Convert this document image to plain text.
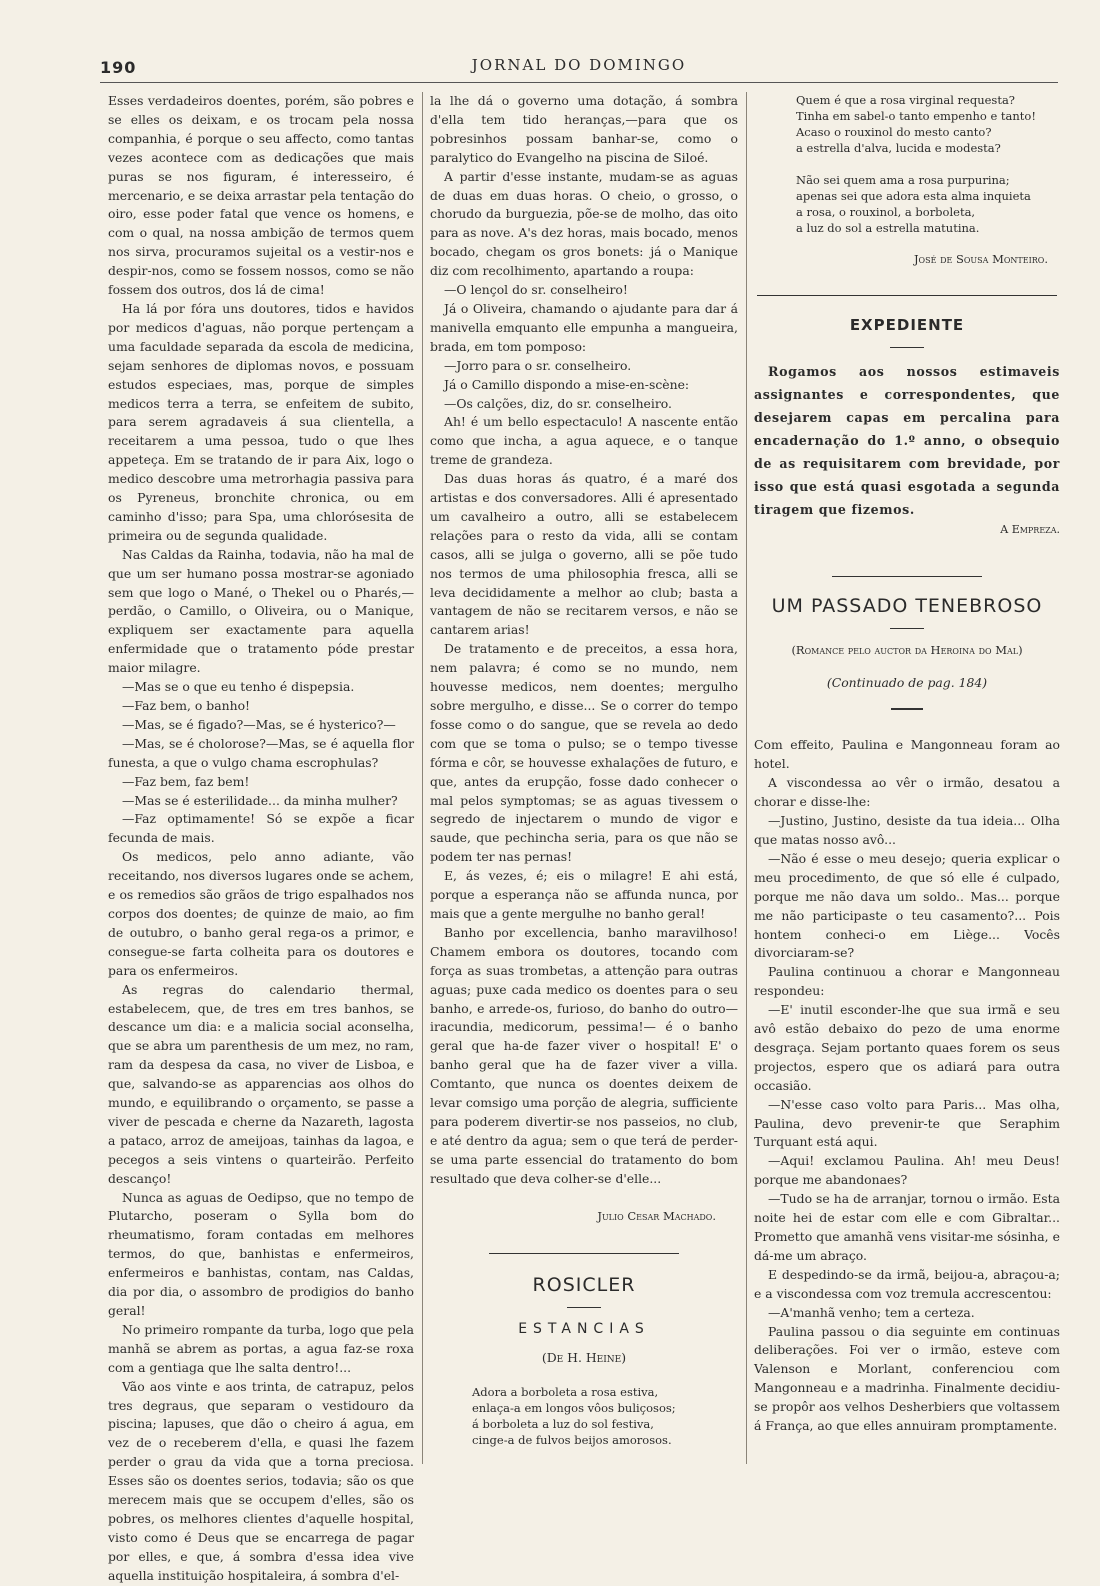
190	JORNAL DO DOMINGO

Esses verdadeiros doentes, porém, são pobres e se elles os deixam, e os trocam pela nossa companhia, é porque o seu affecto, como tantas vezes acontece com as dedicações que mais puras se nos figuram, é interesseiro, é mercenario, e se deixa arrastar pela tentação do oiro, esse poder fatal que vence os homens, e com o qual, na nossa ambição de termos quem nos sirva, procuramos sujeital os a vestir-nos e despir-nos, como se fossem nossos, como se não fossem dos outros, dos lá de cima!

Ha lá por fóra uns doutores, tidos e havidos por medicos d'aguas, não porque pertençam a uma faculdade separada da escola de medicina, sejam senhores de diplomas novos, e possuam estudos especiaes, mas, porque de simples medicos terra a terra, se enfeitem de subito, para serem agradaveis á sua clientella, a receitarem a uma pessoa, tudo o que lhes appeteça. Em se tratando de ir para Aix, logo o medico descobre uma metrorhagia passiva para os Pyreneus, bronchite chronica, ou em caminho d'isso; para Spa, uma chlorósesita de primeira ou de segunda qualidade.

Nas Caldas da Rainha, todavia, não ha mal de que um ser humano possa mostrar-se agoniado sem que logo o Mané, o Thekel ou o Pharés,— perdão, o Camillo, o Oliveira, ou o Manique, expliquem ser exactamente para aquella enfermidade que o tratamento póde prestar maior milagre.

—Mas se o que eu tenho é dispepsia.

—Faz bem, o banho!

—Mas, se é figado?—Mas, se é hysterico?—

—Mas, se é cholorose?—Mas, se é aquella flor funesta, a que o vulgo chama escrophulas?

—Faz bem, faz bem!

—Mas se é esterilidade... da minha mulher?

—Faz optimamente! Só se expõe a ficar fecunda de mais.

Os medicos, pelo anno adiante, vão receitando, nos diversos lugares onde se achem, e os remedios são grãos de trigo espalhados nos corpos dos doentes; de quinze de maio, ao fim de outubro, o banho geral rega-os a primor, e consegue-se farta colheita para os doutores e para os enfermeiros.

As regras do calendario thermal, estabelecem, que, de tres em tres banhos, se descance um dia: e a malicia social aconselha, que se abra um parenthesis de um mez, no ram, ram da despesa da casa, no viver de Lisboa, e que, salvando-se as apparencias aos olhos do mundo, e equilibrando o orçamento, se passe a viver de pescada e cherne da Nazareth, lagosta a pataco, arroz de ameijoas, tainhas da lagoa, e pecegos a seis vintens o quarteirão. Perfeito descanço!

Nunca as aguas de Oedipso, que no tempo de Plutarcho, poseram o Sylla bom do rheumatismo, foram contadas em melhores termos, do que, banhistas e enfermeiros, enfermeiros e banhistas, contam, nas Caldas, dia por dia, o assombro de prodigios do banho geral!

No primeiro rompante da turba, logo que pela manhã se abrem as portas, a agua faz-se roxa com a gentiaga que lhe salta dentro!...

Vão aos vinte e aos trinta, de catrapuz, pelos tres degraus, que separam o vestidouro da piscina; lapuses, que dão o cheiro á agua, em vez de o receberem d'ella, e quasi lhe fazem perder o grau da vida que a torna preciosa. Esses são os doentes serios, todavia; são os que merecem mais que se occupem d'elles, são os pobres, os melhores clientes d'aquelle hospital, visto como é Deus que se encarrega de pagar por elles, e que, á sombra d'essa idea vive aquella instituição hospitaleira, á sombra d'el-

la lhe dá o governo uma dotação, á sombra d'ella tem tido heranças,—para que os pobresinhos possam banhar-se, como o paralytico do Evangelho na piscina de Siloé.

A partir d'esse instante, mudam-se as aguas de duas em duas horas. O cheio, o grosso, o chorudo da burguezia, põe-se de molho, das oito para as nove. A's dez horas, mais bocado, menos bocado, chegam os gros bonets: já o Manique diz com recolhimento, apartando a roupa:

—O lençol do sr. conselheiro!

Já o Oliveira, chamando o ajudante para dar á manivella emquanto elle empunha a mangueira, brada, em tom pomposo:

—Jorro para o sr. conselheiro.

Já o Camillo dispondo a mise-en-scène:

—Os calções, diz, do sr. conselheiro.

Ah! é um bello espectaculo! A nascente então como que incha, a agua aquece, e o tanque treme de grandeza.

Das duas horas ás quatro, é a maré dos artistas e dos conversadores. Alli é apresentado um cavalheiro a outro, alli se estabelecem relações para o resto da vida, alli se contam casos, alli se julga o governo, alli se põe tudo nos termos de uma philosophia fresca, alli se leva decididamente a melhor ao club; basta a vantagem de não se recitarem versos, e não se cantarem arias!

De tratamento e de preceitos, a essa hora, nem palavra; é como se no mundo, nem houvesse medicos, nem doentes; mergulho sobre mergulho, e disse... Se o correr do tempo fosse como o do sangue, que se revela ao dedo com que se toma o pulso; se o tempo tivesse fórma e côr, se houvesse exhalações de futuro, e que, antes da erupção, fosse dado conhecer o mal pelos symptomas; se as aguas tivessem o segredo de injectarem o mundo de vigor e saude, que pechincha seria, para os que não se podem ter nas pernas!

E, ás vezes, é; eis o milagre! E ahi está, porque a esperança não se affunda nunca, por mais que a gente mergulhe no banho geral!

Banho por excellencia, banho maravilhoso! Chamem embora os doutores, tocando com força as suas trombetas, a attenção para outras aguas; puxe cada medico os doentes para o seu banho, e arrede-os, furioso, do banho do outro—iracundia, medicorum, pessima!— é o banho geral que ha-de fazer viver o hospital! E' o banho geral que ha de fazer viver a villa. Comtanto, que nunca os doentes deixem de levar comsigo uma porção de alegria, sufficiente para poderem divertir-se nos passeios, no club, e até dentro da agua; sem o que terá de perder-se uma parte essencial do tratamento do bom resultado que deva colher-se d'elle...

Julio Cesar Machado.

ROSICLER

ESTANCIAS

(De H. Heine)

Adora a borboleta a rosa estiva,
enlaça-a em longos vôos buliçosos;
á borboleta a luz do sol festiva,
cinge-a de fulvos beijos amorosos.
Quem é que a rosa virginal requesta?
Tinha em sabel-o tanto empenho e tanto!
Acaso o rouxinol do mesto canto?
a estrella d'alva, lucida e modesta?
Não sei quem ama a rosa purpurina;
apenas sei que adora esta alma inquieta
a rosa, o rouxinol, a borboleta,
a luz do sol a estrella matutina.

José de Sousa Monteiro.

EXPEDIENTE

Rogamos aos nossos estimaveis assignantes e correspondentes, que desejarem capas em percalina para encadernação do 1.º anno, o obsequio de as requisitarem com brevidade, por isso que está quasi esgotada a segunda tiragem que fizemos.

A Empreza.

UM PASSADO TENEBROSO

(Romance pelo auctor da Heroina do Mal)

(Continuado de pag. 184)

Com effeito, Paulina e Mangonneau foram ao hotel.

A viscondessa ao vêr o irmão, desatou a chorar e disse-lhe:

—Justino, Justino, desiste da tua ideia... Olha que matas nosso avô...

—Não é esse o meu desejo; queria explicar o meu procedimento, de que só elle é culpado, porque me não dava um soldo.. Mas... porque me não participaste o teu casamento?... Pois hontem conheci-o em Liège... Vocês divorciaram-se?

Paulina continuou a chorar e Mangonneau respondeu:

—E' inutil esconder-lhe que sua irmã e seu avô estão debaixo do pezo de uma enorme desgraça. Sejam portanto quaes forem os seus projectos, espero que os adiará para outra occasião.

—N'esse caso volto para Paris... Mas olha, Paulina, devo prevenir-te que Seraphim Turquant está aqui.

—Aqui! exclamou Paulina. Ah! meu Deus! porque me abandonaes?

—Tudo se ha de arranjar, tornou o irmão. Esta noite hei de estar com elle e com Gibraltar... Prometto que amanhã vens visitar-me sósinha, e dá-me um abraço.

E despedindo-se da irmã, beijou-a, abraçou-a; e a viscondessa com voz tremula accrescentou:

—A'manhã venho; tem a certeza.

Paulina passou o dia seguinte em continuas deliberações. Foi ver o irmão, esteve com Valenson e Morlant, conferenciou com Mangonneau e a madrinha. Finalmente decidiu-se propôr aos velhos Desherbiers que voltassem á França, ao que elles annuiram promptamente.
